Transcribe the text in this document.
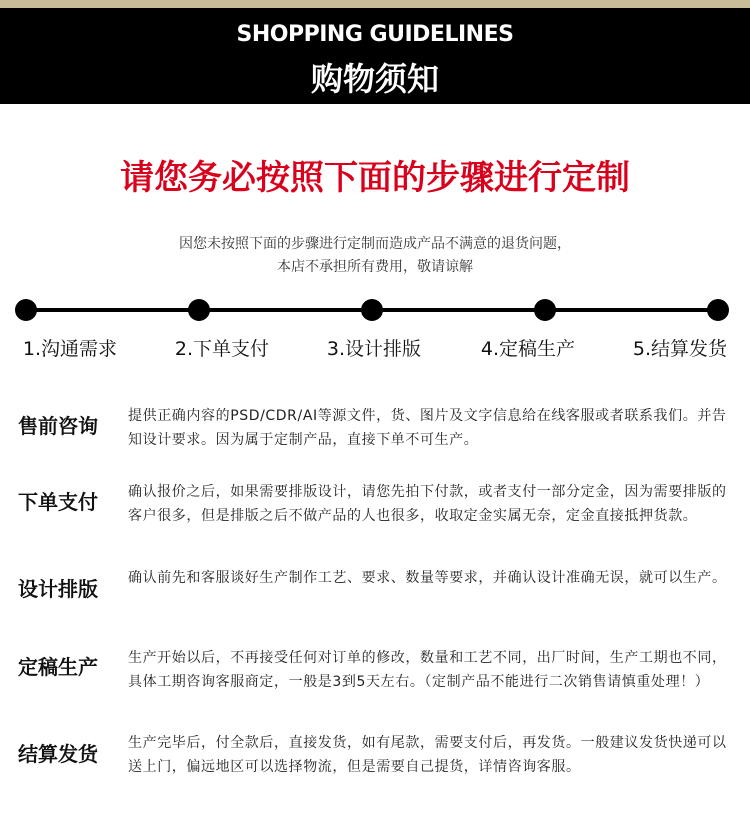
SHOPPING GUIDELINES
购物须知
请您务必按照下面的步骤进行定制
因您未按照下面的步骤进行定制而造成产品不满意的退货问题，
本店不承担所有费用，敬请谅解
1.沟通需求	2.下单支付	3.设计排版	4.定稿生产	5.结算发货
售前咨询 提供正确内容的PSD/CDR/AI等源文件，货、图片及文字信息给在线客服或者联系我们。并告知设计要求。因为属于定制产品，直接下单不可生产。
下单支付 确认报价之后，如果需要排版设计，请您先拍下付款，或者支付一部分定金，因为需要排版的客户很多，但是排版之后不做产品的人也很多，收取定金实属无奈，定金直接抵押货款。
设计排版 确认前先和客服谈好生产制作工艺、要求、数量等要求，并确认设计准确无误，就可以生产。
定稿生产 生产开始以后，不再接受任何对订单的修改，数量和工艺不同，出厂时间，生产工期也不同，具体工期咨询客服商定，一般是3到5天左右。（定制产品不能进行二次销售请慎重处理！）
结算发货 生产完毕后，付全款后，直接发货，如有尾款，需要支付后，再发货。一般建议发货快递可以送上门，偏远地区可以选择物流，但是需要自己提货，详情咨询客服。
